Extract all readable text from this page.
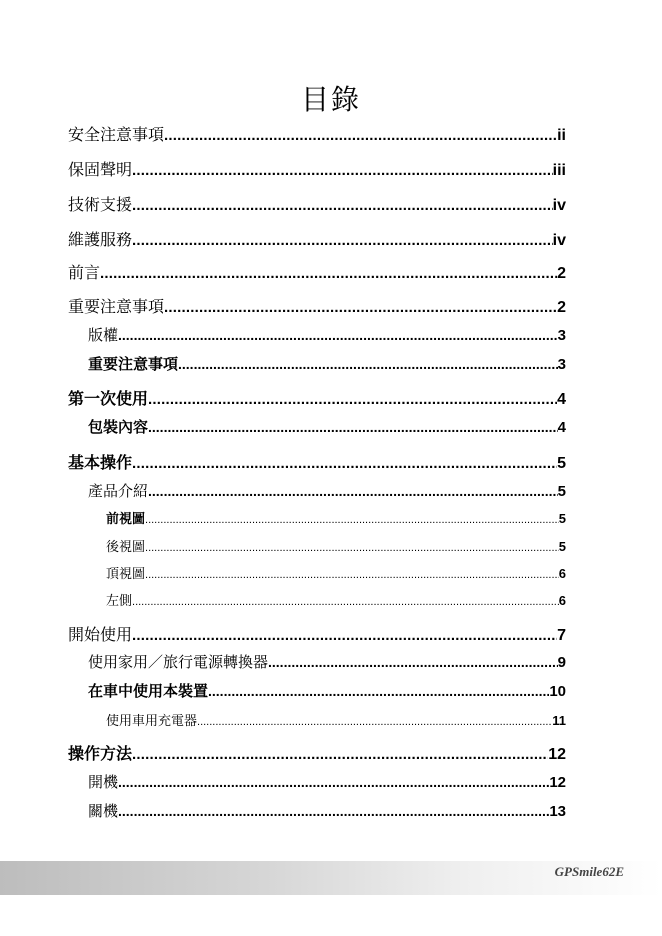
目錄
安全注意事項 .....	ii
保固聲明 .....	iii
技術支援 .....	iv
維護服務 .....	iv
前言 .....	2
重要注意事項 .....	2
版權 .....	3
重要注意事項 .....	3
第一次使用 .....	4
包裝內容 .....	4
基本操作 .....	5
產品介紹 .....	5
前視圖 .....	5
後視圖 .....	5
頂視圖 .....	6
左側 .....	6
開始使用 .....	7
使用家用／旅行電源轉換器 .....	9
在車中使用本裝置 .....	10
使用車用充電器 .....	11
操作方法 .....	12
開機 .....	12
關機 .....	13
GPSmile62E
